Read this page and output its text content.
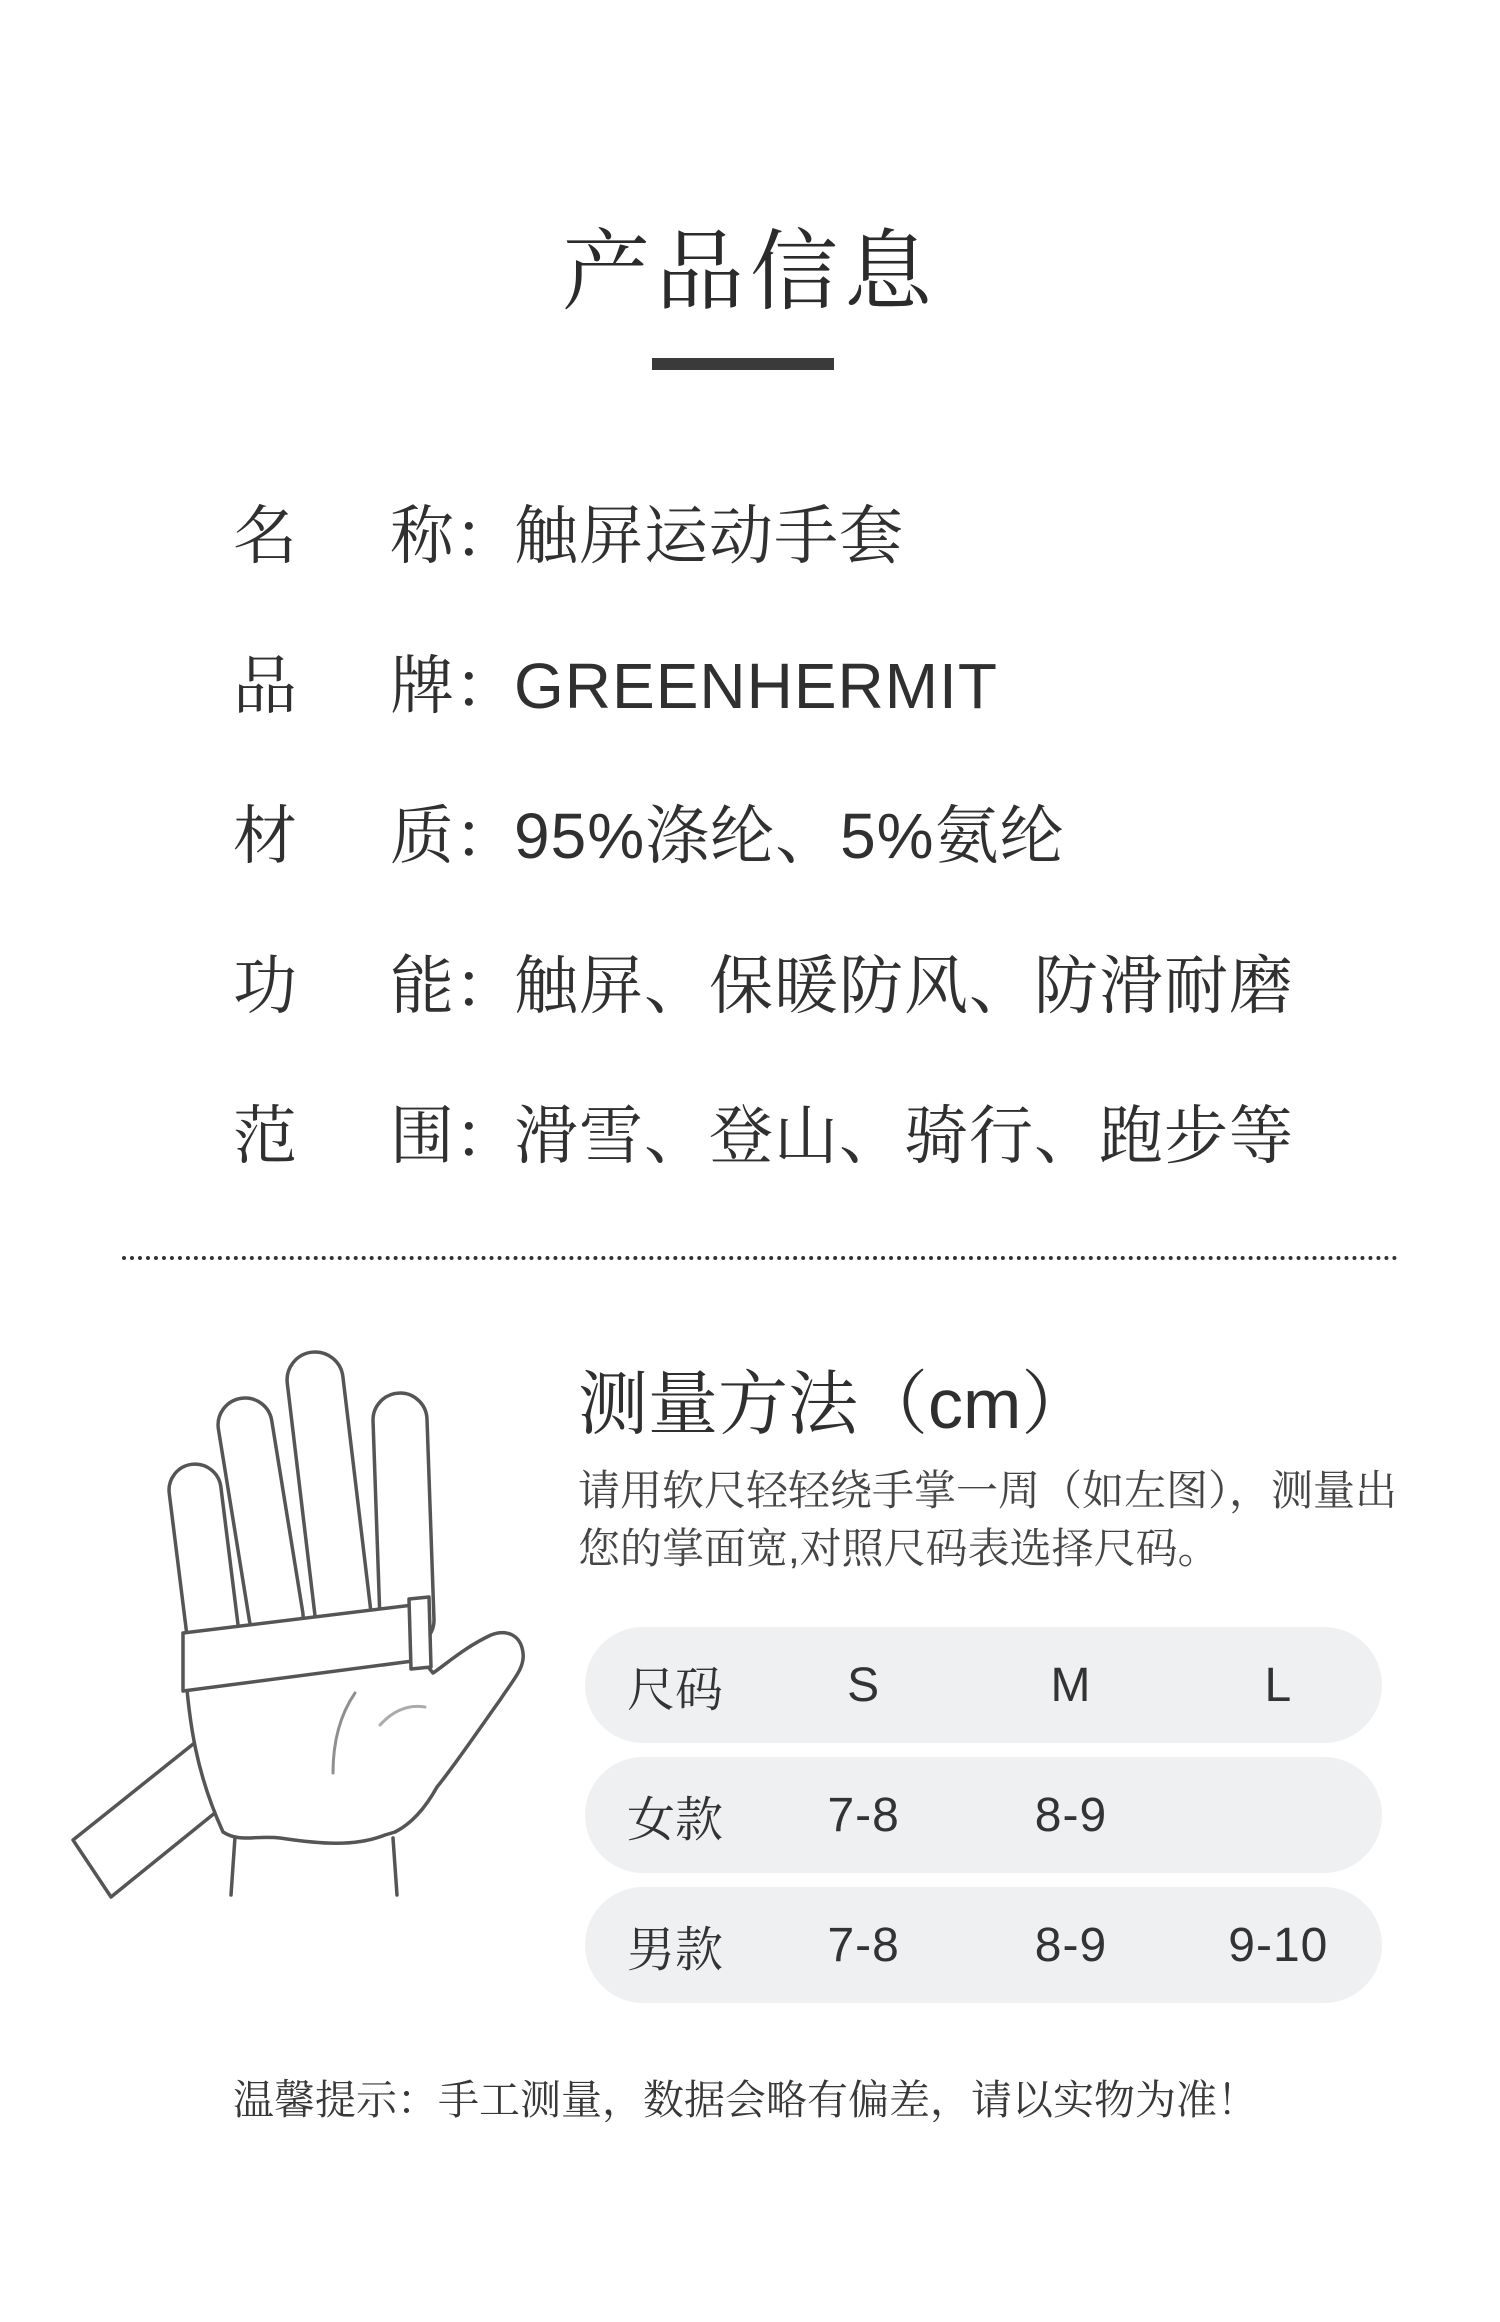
产品信息
名 称 ：触屏运动手套
品 牌 ：GREENHERMIT
材 质 ：95%涤纶、5%氨纶
功 能 ：触屏、保暖防风、防滑耐磨
范 围 ：滑雪、登山、骑行、跑步等
测量方法（cm）
请用软尺轻轻绕手掌一周（如左图），测量出
您的掌面宽,对照尺码表选择尺码。
尺码	S	M	L
女款	7-8	8-9
男款	7-8	8-9	9-10
温馨提示：手工测量，数据会略有偏差，请以实物为准！
